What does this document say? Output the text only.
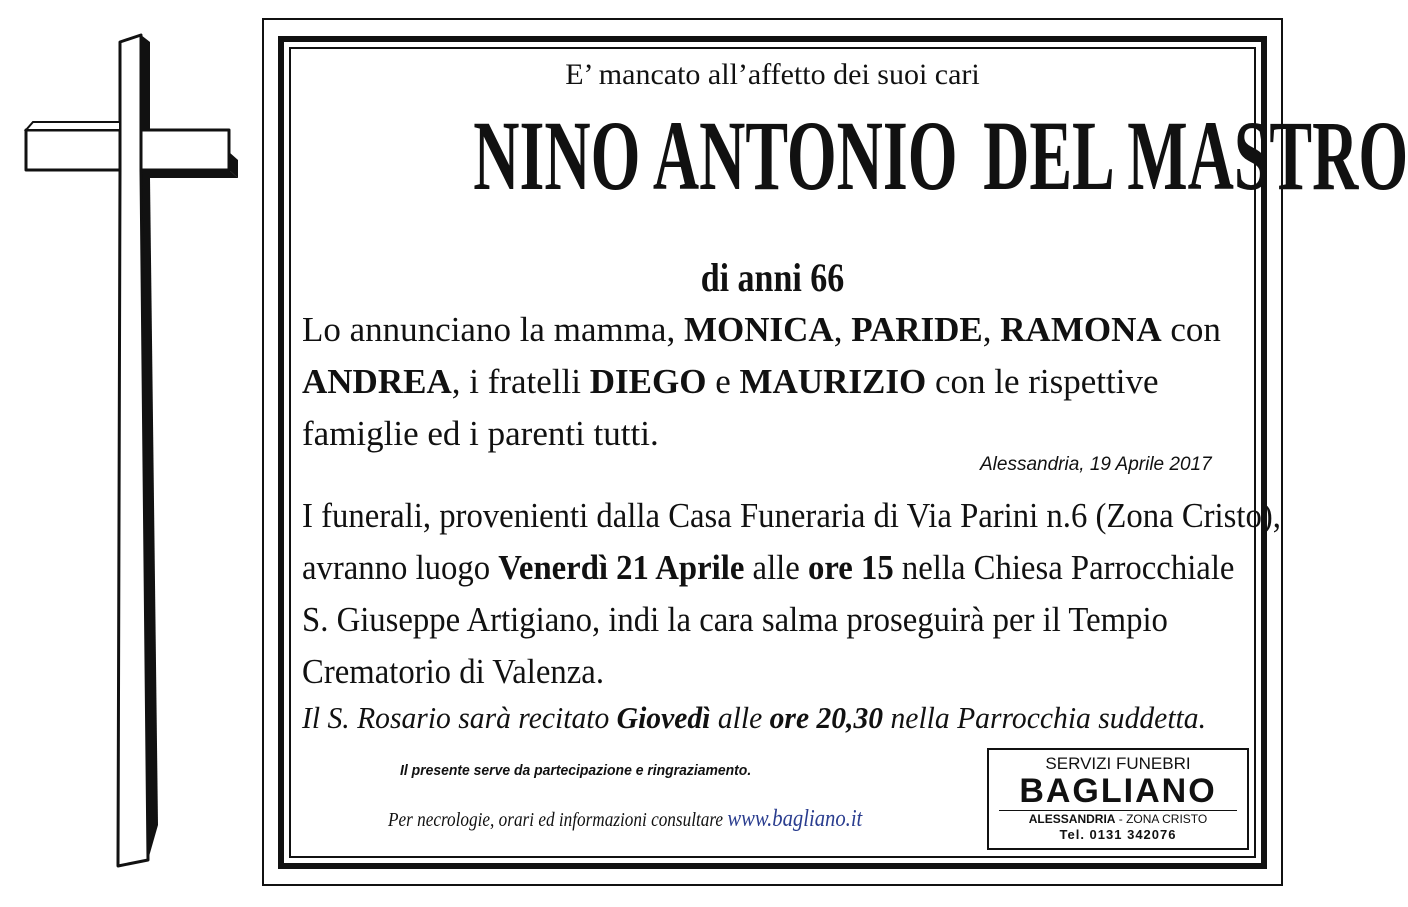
E’ mancato all’affetto dei suoi cari
NINO ANTONIO DEL MASTRO
di anni 66
Lo annunciano la mamma, MONICA, PARIDE, RAMONA con
ANDREA, i fratelli DIEGO e MAURIZIO con le rispettive
famiglie ed i parenti tutti.
Alessandria, 19 Aprile 2017
I funerali, provenienti dalla Casa Funeraria di Via Parini n.6 (Zona Cristo),
avranno luogo Venerdì 21 Aprile alle ore 15 nella Chiesa Parrocchiale
S. Giuseppe Artigiano, indi la cara salma proseguirà per il Tempio
Crematorio di Valenza.
Il S. Rosario sarà recitato Giovedì alle ore 20,30 nella Parrocchia suddetta.
Il presente serve da partecipazione e ringraziamento.
Per necrologie, orari ed informazioni consultare www.bagliano.it
SERVIZI FUNEBRI
BAGLIANO
ALESSANDRIA - ZONA CRISTO
Tel. 0131 342076
